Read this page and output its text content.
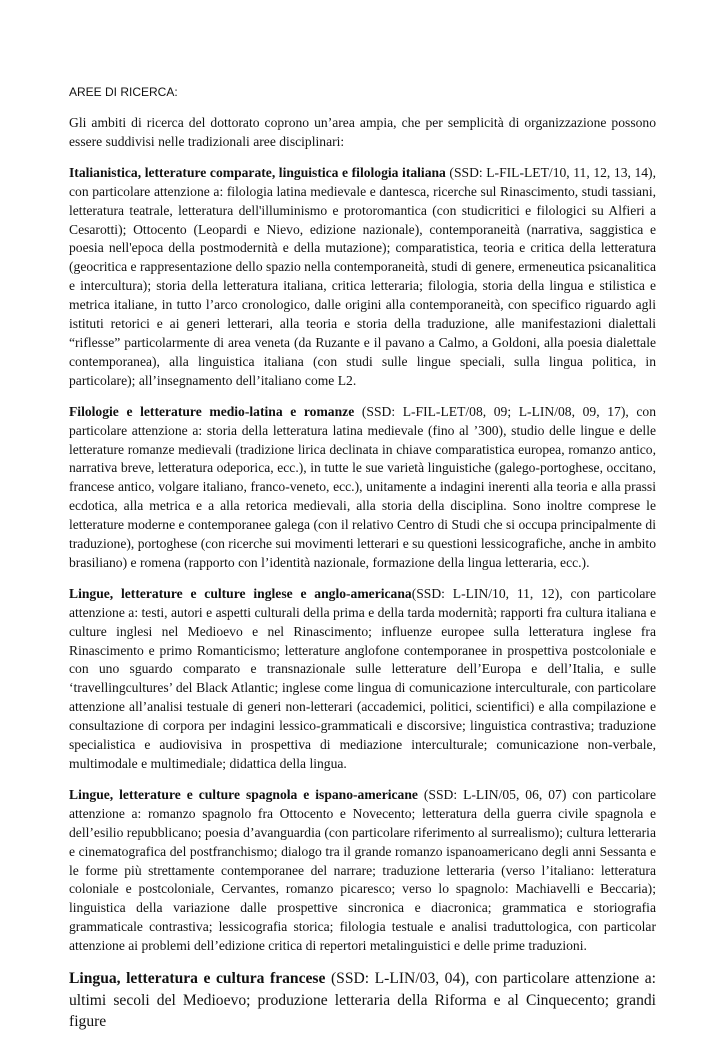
AREE DI RICERCA:

Gli ambiti di ricerca del dottorato coprono un’area ampia, che per semplicità di organizzazione possono essere suddivisi nelle tradizionali aree disciplinari:

Italianistica, letterature comparate, linguistica e filologia italiana (SSD: L-FIL-LET/10, 11, 12, 13, 14), con particolare attenzione a: filologia latina medievale e dantesca, ricerche sul Rinascimento, studi tassiani, letteratura teatrale, letteratura dell'illuminismo e protoromantica (con studicritici e filologici su Alfieri a Cesarotti); Ottocento (Leopardi e Nievo, edizione nazionale), contemporaneità (narrativa, saggistica e poesia nell'epoca della postmodernità e della mutazione); comparatistica, teoria e critica della letteratura (geocritica e rappresentazione dello spazio nella contemporaneità, studi di genere, ermeneutica psicanalitica e intercultura); storia della letteratura italiana, critica letteraria; filologia, storia della lingua e stilistica e metrica italiane, in tutto l’arco cronologico, dalle origini alla contemporaneità, con specifico riguardo agli istituti retorici e ai generi letterari, alla teoria e storia della traduzione, alle manifestazioni dialettali “riflesse” particolarmente di area veneta (da Ruzante e il pavano a Calmo, a Goldoni, alla poesia dialettale contemporanea), alla linguistica italiana (con studi sulle lingue speciali, sulla lingua politica, in particolare); all’insegnamento dell’italiano come L2.

Filologie e letterature medio-latina e romanze (SSD: L-FIL-LET/08, 09; L-LIN/08, 09, 17), con particolare attenzione a: storia della letteratura latina medievale (fino al ’300), studio delle lingue e delle letterature romanze medievali (tradizione lirica declinata in chiave comparatistica europea, romanzo antico, narrativa breve, letteratura odeporica, ecc.), in tutte le sue varietà linguistiche (galego-portoghese, occitano, francese antico, volgare italiano, franco-veneto, ecc.), unitamente a indagini inerenti alla teoria e alla prassi ecdotica, alla metrica e a alla retorica medievali, alla storia della disciplina. Sono inoltre comprese le letterature moderne e contemporanee galega (con il relativo Centro di Studi che si occupa principalmente di traduzione), portoghese (con ricerche sui movimenti letterari e su questioni lessicografiche, anche in ambito brasiliano) e romena (rapporto con l’identità nazionale, formazione della lingua letteraria, ecc.).

Lingue, letterature e culture inglese e anglo-americana(SSD: L-LIN/10, 11, 12), con particolare attenzione a: testi, autori e aspetti culturali della prima e della tarda modernità; rapporti fra cultura italiana e culture inglesi nel Medioevo e nel Rinascimento; influenze europee sulla letteratura inglese fra Rinascimento e primo Romanticismo; letterature anglofone contemporanee in prospettiva postcoloniale e con uno sguardo comparato e transnazionale sulle letterature dell’Europa e dell’Italia, e sulle ‘travellingcultures’ del Black Atlantic; inglese come lingua di comunicazione interculturale, con particolare attenzione all’analisi testuale di generi non-letterari (accademici, politici, scientifici) e alla compilazione e consultazione di corpora per indagini lessico-grammaticali e discorsive; linguistica contrastiva; traduzione specialistica e audiovisiva in prospettiva di mediazione interculturale; comunicazione non-verbale, multimodale e multimediale; didattica della lingua.

Lingue, letterature e culture spagnola e ispano-americane (SSD: L-LIN/05, 06, 07) con particolare attenzione a: romanzo spagnolo fra Ottocento e Novecento; letteratura della guerra civile spagnola e dell’esilio repubblicano; poesia d’avanguardia (con particolare riferimento al surrealismo); cultura letteraria e cinematografica del postfranchismo; dialogo tra il grande romanzo ispanoamericano degli anni Sessanta e le forme più strettamente contemporanee del narrare; traduzione letteraria (verso l’italiano: letteratura coloniale e postcoloniale, Cervantes, romanzo picaresco; verso lo spagnolo: Machiavelli e Beccaria); linguistica della variazione dalle prospettive sincronica e diacronica; grammatica e storiografia grammaticale contrastiva; lessicografia storica; filologia testuale e analisi traduttologica, con particolar attenzione ai problemi dell’edizione critica di repertori metalinguistici e delle prime traduzioni.

Lingua, letteratura e cultura francese (SSD: L-LIN/03, 04), con particolare attenzione a: ultimi secoli del Medioevo; produzione letteraria della Riforma e al Cinquecento; grandi figure
